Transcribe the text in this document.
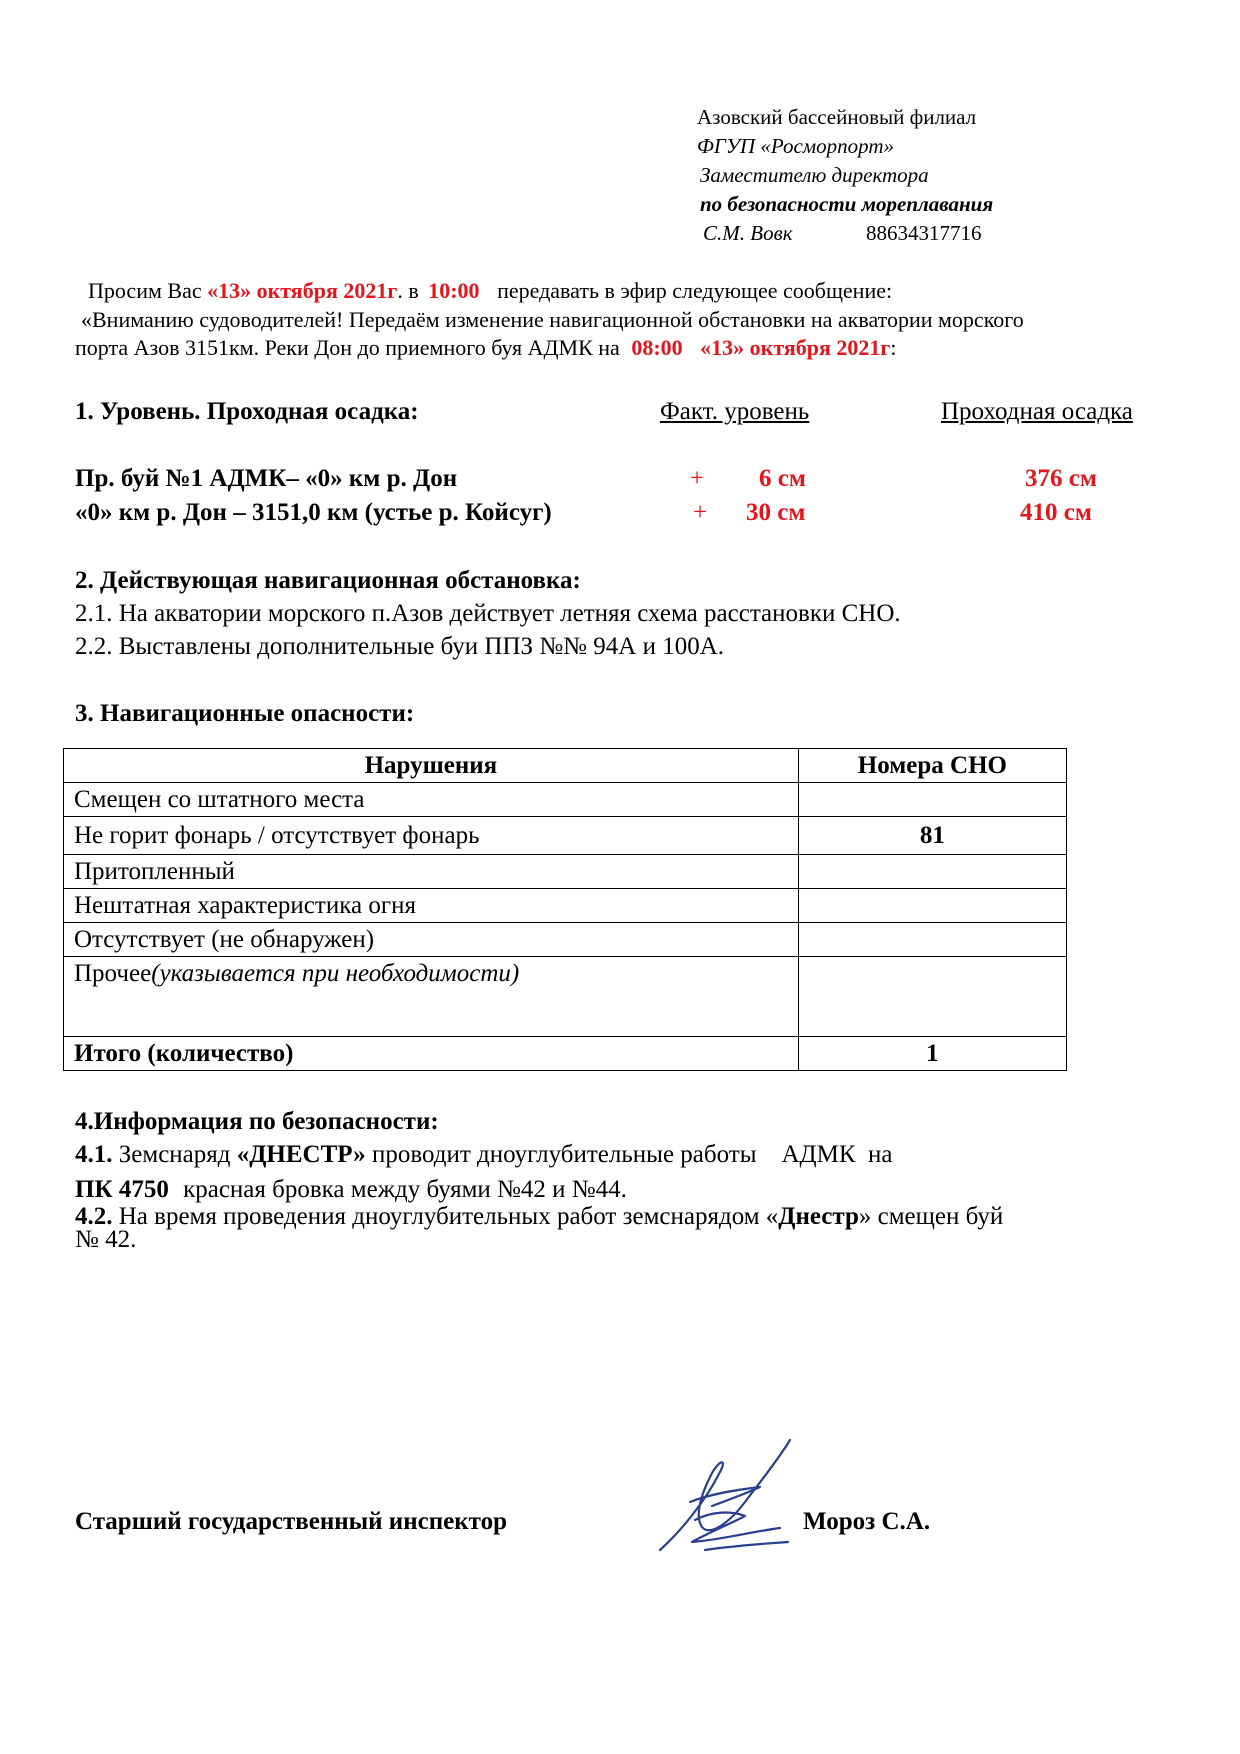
Азовский бассейновый филиал
ФГУП «Росморпорт»
Заместителю директора
по безопасности мореплавания
С.М. Вовк	88634317716
Просим Вас «13» октября 2021г. в 10:00 передавать в эфир следующее сообщение:
«Вниманию судоводителей! Передаём изменение навигационной обстановки на акватории морского
порта Азов 3151км. Реки Дон до приемного буя АДМК на 08:00 «13» октября 2021г:
1. Уровень. Проходная осадка:	Факт. уровень	Проходная осадка
Пр. буй №1 АДМК– «0» км р. Дон	+ 6 см	376 см
«0» км р. Дон – 3151,0 км (устье р. Койсуг)	+ 30 см	410 см
2. Действующая навигационная обстановка:
2.1. На акватории морского п.Азов действует летняя схема расстановки СНО.
2.2. Выставлены дополнительные буи ППЗ №№ 94А и 100А.
3. Навигационные опасности:
Нарушения	Номера СНО
Смещен со штатного места	
Не горит фонарь / отсутствует фонарь	81
Притопленный	
Нештатная характеристика огня	
Отсутствует (не обнаружен)	
Прочее(указывается при необходимости)	
Итого (количество)	1
4.Информация по безопасности:
4.1. Земснаряд «ДНЕСТР» проводит дноуглубительные работы    АДМК  на
ПК 4750 красная бровка между буями №42 и №44.
4.2. На время проведения дноуглубительных работ земснарядом «Днестр» смещен буй
№ 42.
Старший государственный инспектор	Мороз С.А.
